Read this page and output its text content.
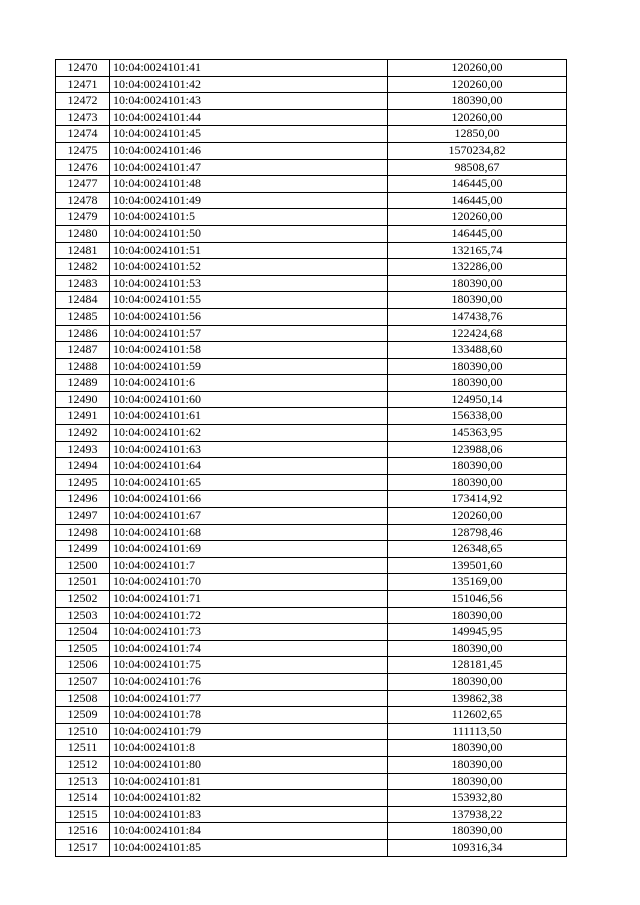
12470	10:04:0024101:41	120260,00
12471	10:04:0024101:42	120260,00
12472	10:04:0024101:43	180390,00
12473	10:04:0024101:44	120260,00
12474	10:04:0024101:45	12850,00
12475	10:04:0024101:46	1570234,82
12476	10:04:0024101:47	98508,67
12477	10:04:0024101:48	146445,00
12478	10:04:0024101:49	146445,00
12479	10:04:0024101:5	120260,00
12480	10:04:0024101:50	146445,00
12481	10:04:0024101:51	132165,74
12482	10:04:0024101:52	132286,00
12483	10:04:0024101:53	180390,00
12484	10:04:0024101:55	180390,00
12485	10:04:0024101:56	147438,76
12486	10:04:0024101:57	122424,68
12487	10:04:0024101:58	133488,60
12488	10:04:0024101:59	180390,00
12489	10:04:0024101:6	180390,00
12490	10:04:0024101:60	124950,14
12491	10:04:0024101:61	156338,00
12492	10:04:0024101:62	145363,95
12493	10:04:0024101:63	123988,06
12494	10:04:0024101:64	180390,00
12495	10:04:0024101:65	180390,00
12496	10:04:0024101:66	173414,92
12497	10:04:0024101:67	120260,00
12498	10:04:0024101:68	128798,46
12499	10:04:0024101:69	126348,65
12500	10:04:0024101:7	139501,60
12501	10:04:0024101:70	135169,00
12502	10:04:0024101:71	151046,56
12503	10:04:0024101:72	180390,00
12504	10:04:0024101:73	149945,95
12505	10:04:0024101:74	180390,00
12506	10:04:0024101:75	128181,45
12507	10:04:0024101:76	180390,00
12508	10:04:0024101:77	139862,38
12509	10:04:0024101:78	112602,65
12510	10:04:0024101:79	111113,50
12511	10:04:0024101:8	180390,00
12512	10:04:0024101:80	180390,00
12513	10:04:0024101:81	180390,00
12514	10:04:0024101:82	153932,80
12515	10:04:0024101:83	137938,22
12516	10:04:0024101:84	180390,00
12517	10:04:0024101:85	109316,34
